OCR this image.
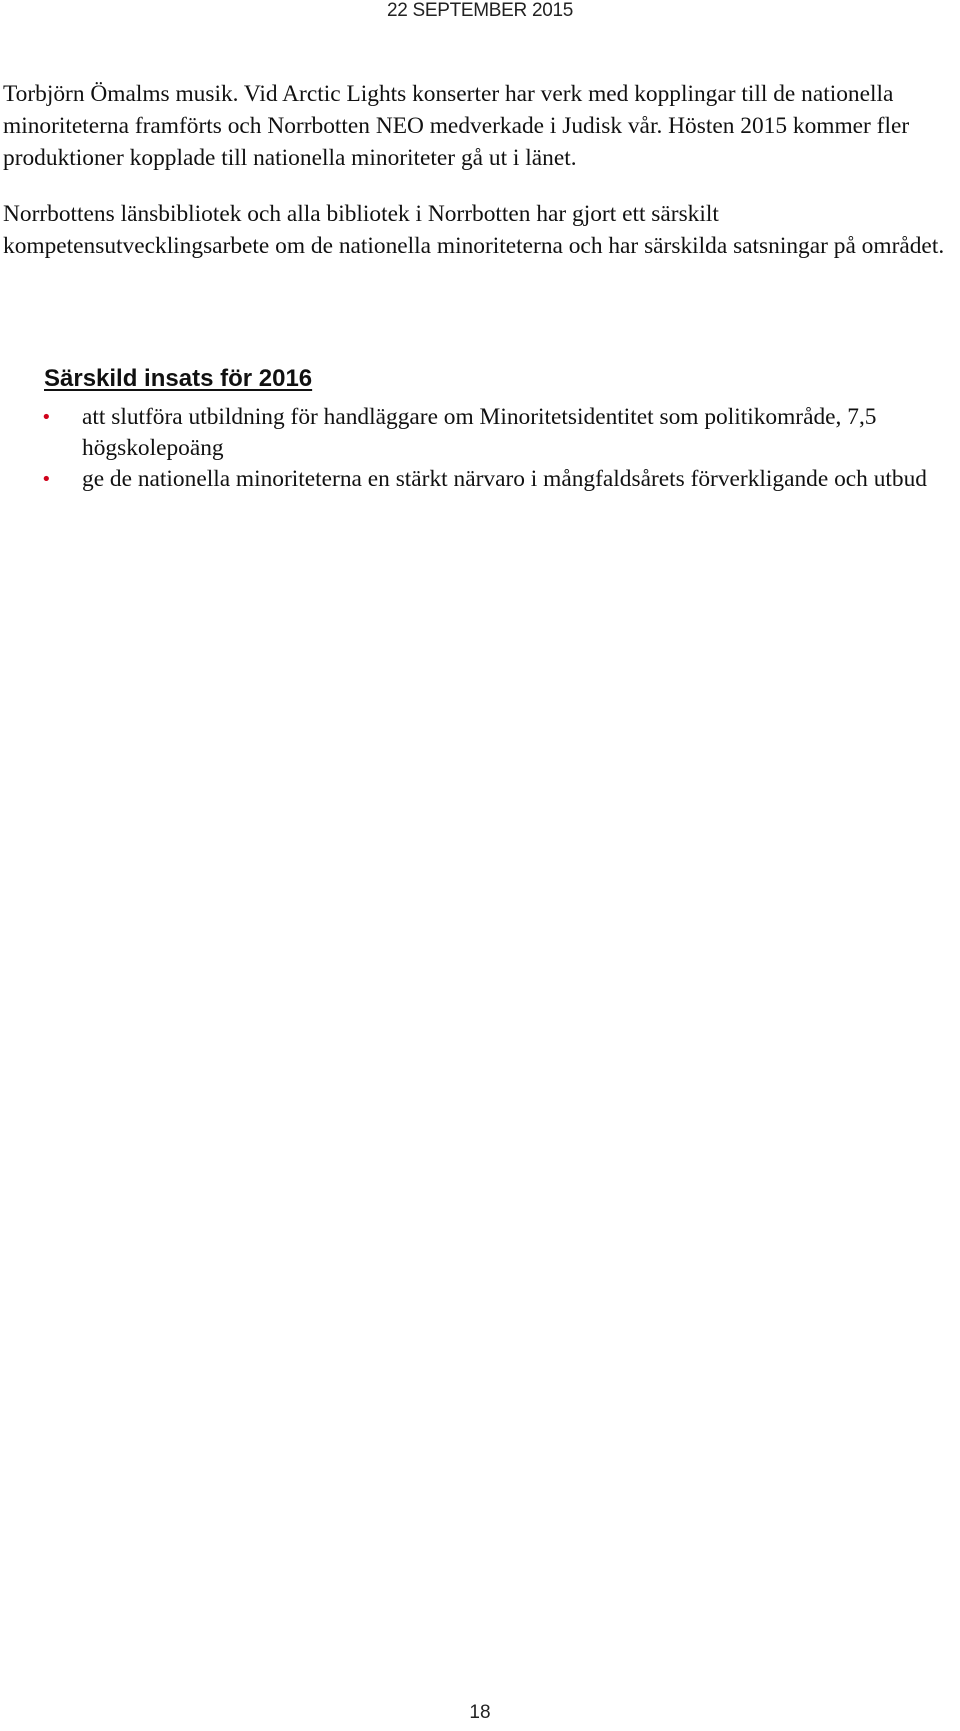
22 SEPTEMBER 2015

Torbjörn Ömalms musik. Vid Arctic Lights konserter har verk med kopplingar till de nationella minoriteterna framförts och Norrbotten NEO medverkade i Judisk vår. Hösten 2015 kommer fler produktioner kopplade till nationella minoriteter gå ut i länet.

Norrbottens länsbibliotek och alla bibliotek i Norrbotten har gjort ett särskilt kompetensutvecklingsarbete om de nationella minoriteterna och har särskilda satsningar på området.

Särskild insats för 2016
• att slutföra utbildning för handläggare om Minoritetsidentitet som politikområde, 7,5 högskolepoäng
• ge de nationella minoriteterna en stärkt närvaro i mångfaldsårets förverkligande och utbud
18
